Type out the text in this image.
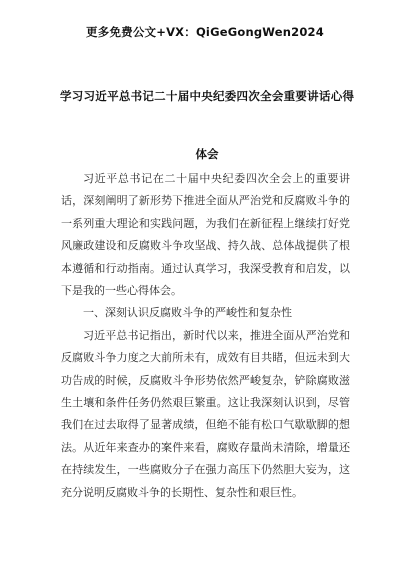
更多免费公文+VX：QiGeGongWen2024
学习习近平总书记二十届中央纪委四次全会重要讲话心得体会

习近平总书记在二十届中央纪委四次全会上的重要讲话，深刻阐明了新形势下推进全面从严治党和反腐败斗争的一系列重大理论和实践问题，为我们在新征程上继续打好党风廉政建设和反腐败斗争攻坚战、持久战、总体战提供了根本遵循和行动指南。通过认真学习，我深受教育和启发，以下是我的一些心得体会。

一、深刻认识反腐败斗争的严峻性和复杂性

习近平总书记指出，新时代以来，推进全面从严治党和反腐败斗争力度之大前所未有，成效有目共睹，但远未到大功告成的时候，反腐败斗争形势依然严峻复杂，铲除腐败滋生土壤和条件任务仍然艰巨繁重。这让我深刻认识到，尽管我们在过去取得了显著成绩，但绝不能有松口气歇歇脚的想法。从近年来查办的案件来看，腐败存量尚未清除，增量还在持续发生，一些腐败分子在强力高压下仍然胆大妄为，这充分说明反腐败斗争的长期性、复杂性和艰巨性。
